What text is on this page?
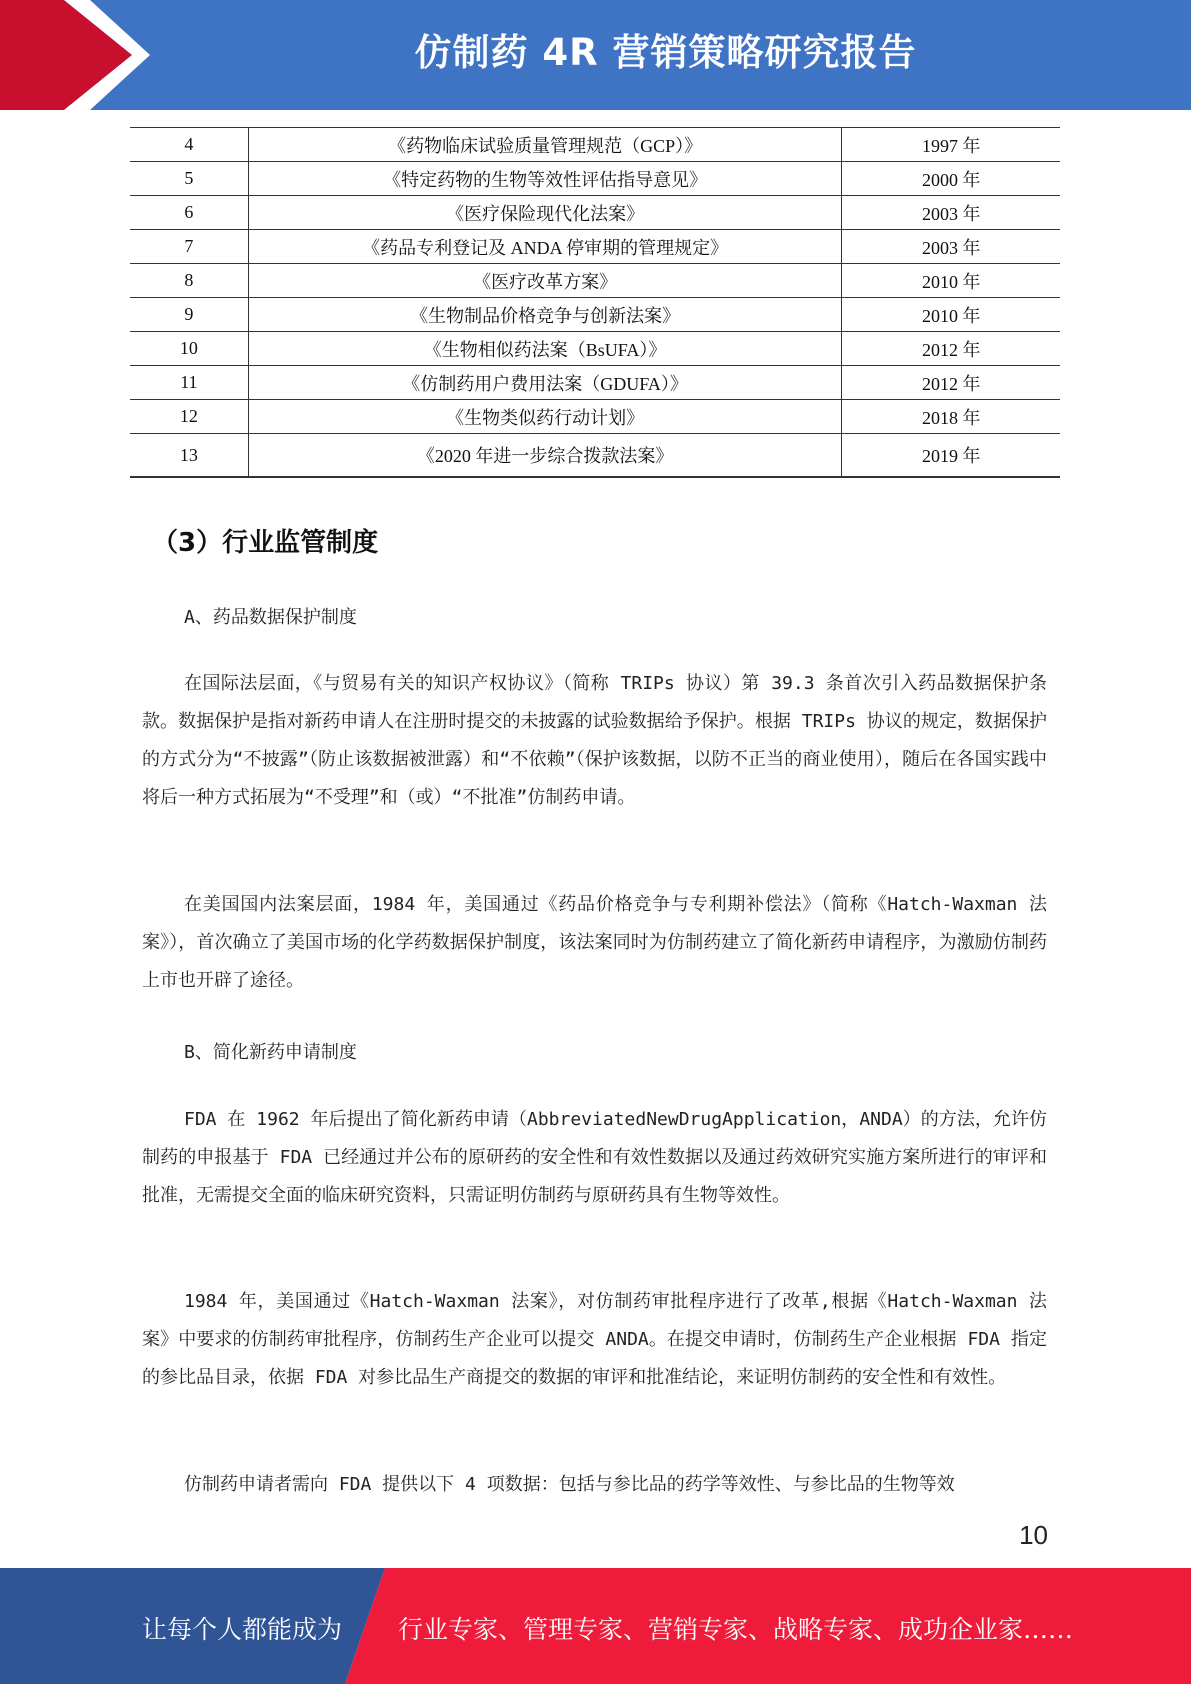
仿制药 4R 营销策略研究报告
4	《药物临床试验质量管理规范（GCP）》	1997 年
5	《特定药物的生物等效性评估指导意见》	2000 年
6	《医疗保险现代化法案》	2003 年
7	《药品专利登记及 ANDA 停审期的管理规定》	2003 年
8	《医疗改革方案》	2010 年
9	《生物制品价格竞争与创新法案》	2010 年
10	《生物相似药法案（BsUFA）》	2012 年
11	《仿制药用户费用法案（GDUFA）》	2012 年
12	《生物类似药行动计划》	2018 年
13	《2020 年进一步综合拨款法案》	2019 年
（3）行业监管制度
A、药品数据保护制度

在国际法层面，《与贸易有关的知识产权协议》（简称 TRIPs 协议）第 39.3 条首次引入药品数据保护条款。数据保护是指对新药申请人在注册时提交的未披露的试验数据给予保护。根据 TRIPs 协议的规定，数据保护的方式分为“不披露”（防止该数据被泄露）和“不依赖”（保护该数据，以防不正当的商业使用），随后在各国实践中将后一种方式拓展为“不受理”和（或）“不批准”仿制药申请。

在美国国内法案层面，1984 年，美国通过《药品价格竞争与专利期补偿法》（简称《Hatch-Waxman 法案》），首次确立了美国市场的化学药数据保护制度，该法案同时为仿制药建立了简化新药申请程序，为激励仿制药上市也开辟了途径。

B、简化新药申请制度

FDA 在 1962 年后提出了简化新药申请（AbbreviatedNewDrugApplication，ANDA）的方法，允许仿制药的申报基于 FDA 已经通过并公布的原研药的安全性和有效性数据以及通过药效研究实施方案所进行的审评和批准，无需提交全面的临床研究资料，只需证明仿制药与原研药具有生物等效性。

1984 年，美国通过《Hatch-Waxman 法案》，对仿制药审批程序进行了改革,根据《Hatch-Waxman 法案》中要求的仿制药审批程序，仿制药生产企业可以提交 ANDA。在提交申请时，仿制药生产企业根据 FDA 指定的参比品目录，依据 FDA 对参比品生产商提交的数据的审评和批准结论，来证明仿制药的安全性和有效性。

仿制药申请者需向 FDA 提供以下 4 项数据：包括与参比品的药学等效性、与参比品的生物等效

10
让每个人都能成为 行业专家、管理专家、营销专家、战略专家、成功企业家……
